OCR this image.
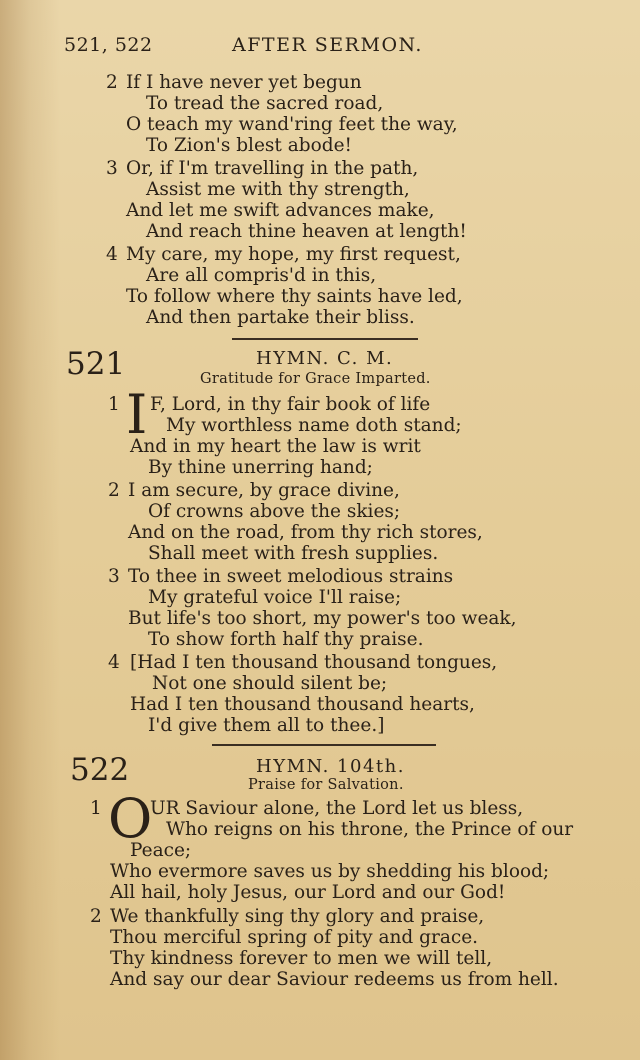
521, 522	AFTER SERMON.
2 If I have never yet begun
To tread the sacred road,
O teach my wand'ring feet the way,
To Zion's blest abode!
3 Or, if I'm travelling in the path,
Assist me with thy strength,
And let me swift advances make,
And reach thine heaven at length!
4 My care, my hope, my first request,
Are all compris'd in this,
To follow where thy saints have led,
And then partake their bliss.
521	HYMN. C. M.
Gratitude for Grace Imparted.
1 I F, Lord, in thy fair book of life
My worthless name doth stand;
And in my heart the law is writ
By thine unerring hand;
2 I am secure, by grace divine,
Of crowns above the skies;
And on the road, from thy rich stores,
Shall meet with fresh supplies.
3 To thee in sweet melodious strains
My grateful voice I'll raise;
But life's too short, my power's too weak,
To show forth half thy praise.
4 [Had I ten thousand thousand tongues,
Not one should silent be;
Had I ten thousand thousand hearts,
I'd give them all to thee.]
522	HYMN. 104th.
Praise for Salvation.
1 O
UR Saviour alone, the Lord let us bless,
Who reigns on his throne, the Prince of our
Peace;
Who evermore saves us by shedding his blood;
All hail, holy Jesus, our Lord and our God!
2 We thankfully sing thy glory and praise,
Thou merciful spring of pity and grace.
Thy kindness forever to men we will tell,
And say our dear Saviour redeems us from hell.
